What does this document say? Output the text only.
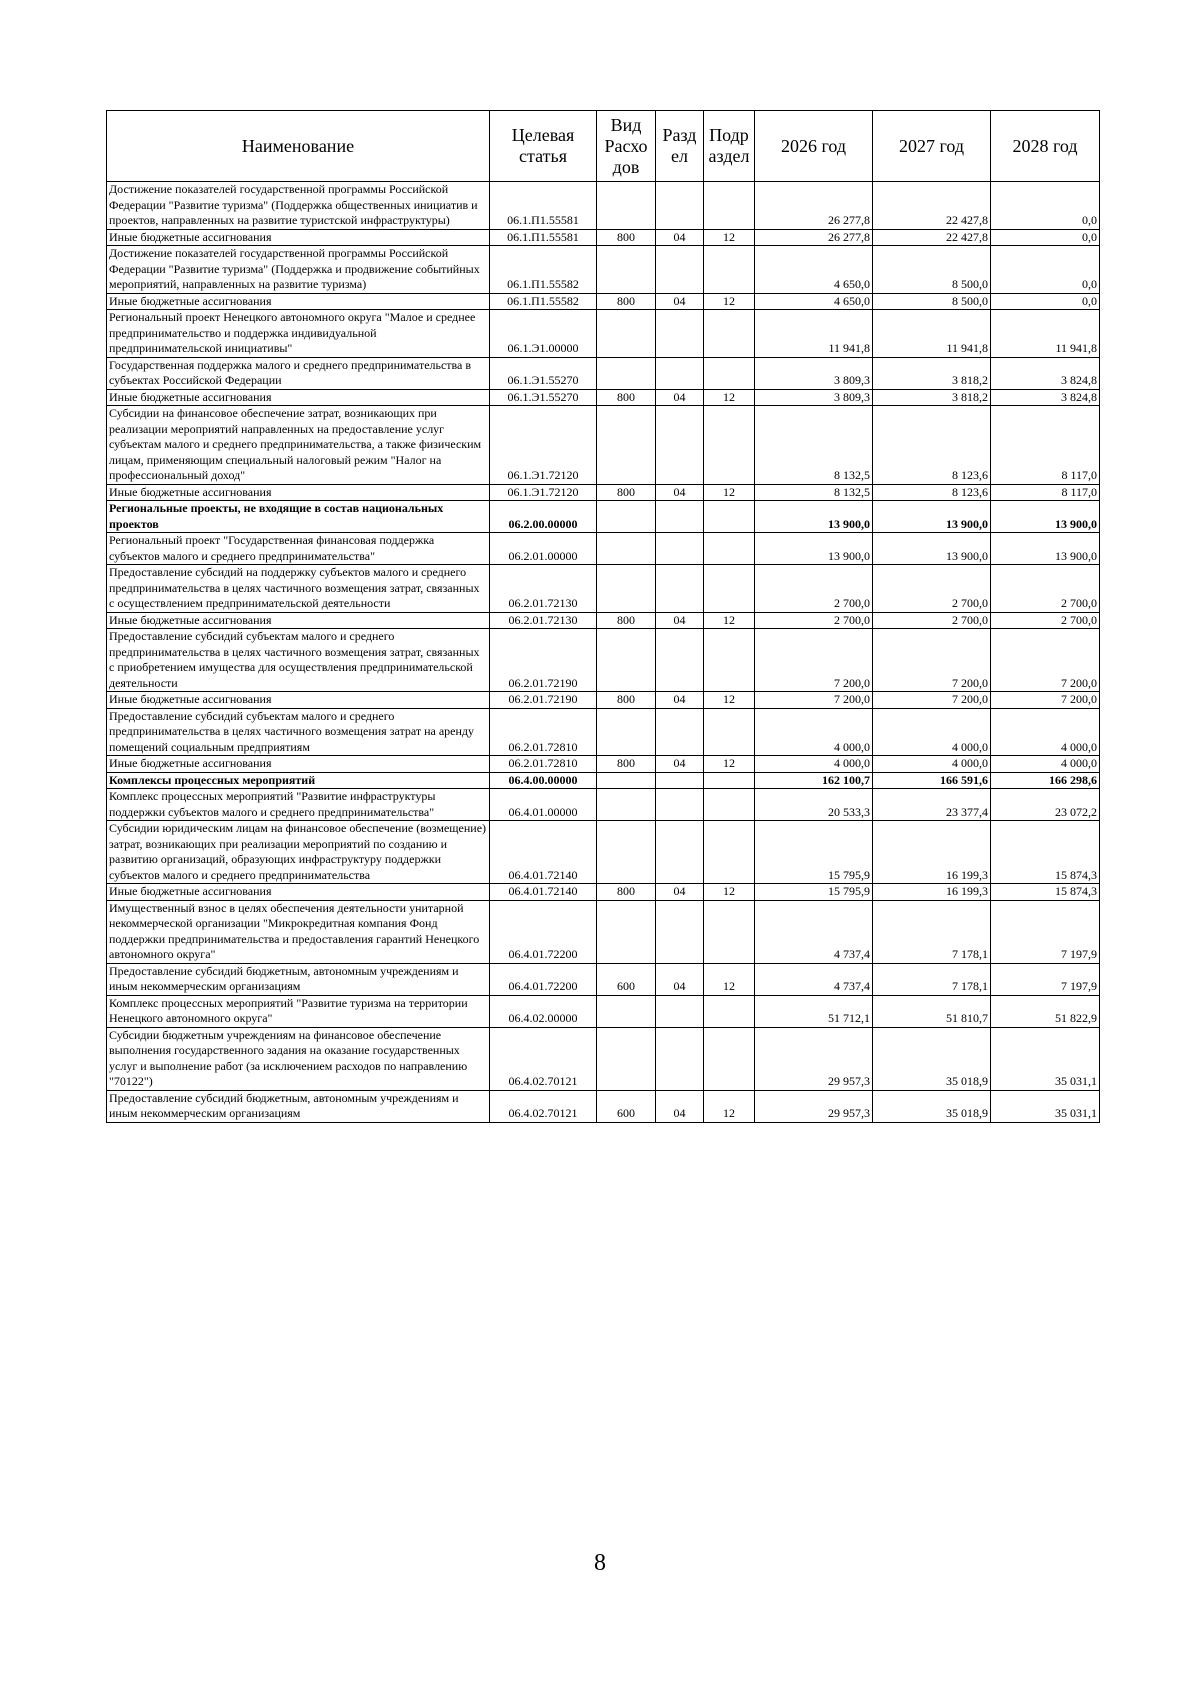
Наименование	Целевая статья	Вид Расхо дов	Разд ел	Подр аздел	2026 год	2027 год	2028 год
Достижение показателей государственной программы Российской Федерации "Развитие туризма" (Поддержка общественных инициатив и проектов, направленных на развитие туристской инфраструктуры)	06.1.П1.55581				26 277,8	22 427,8	0,0
Иные бюджетные ассигнования	06.1.П1.55581	800	04	12	26 277,8	22 427,8	0,0
Достижение показателей государственной программы Российской Федерации "Развитие туризма" (Поддержка и продвижение событийных мероприятий, направленных на развитие туризма)	06.1.П1.55582				4 650,0	8 500,0	0,0
Иные бюджетные ассигнования	06.1.П1.55582	800	04	12	4 650,0	8 500,0	0,0
Региональный проект Ненецкого автономного округа "Малое и среднее предпринимательство и поддержка индивидуальной предпринимательской инициативы"	06.1.Э1.00000				11 941,8	11 941,8	11 941,8
Государственная поддержка малого и среднего предпринимательства в субъектах Российской Федерации	06.1.Э1.55270				3 809,3	3 818,2	3 824,8
Иные бюджетные ассигнования	06.1.Э1.55270	800	04	12	3 809,3	3 818,2	3 824,8
Субсидии на финансовое обеспечение затрат, возникающих при реализации мероприятий направленных на предоставление услуг субъектам малого и среднего предпринимательства, а также физическим лицам, применяющим специальный налоговый режим "Налог на профессиональный доход"	06.1.Э1.72120				8 132,5	8 123,6	8 117,0
Иные бюджетные ассигнования	06.1.Э1.72120	800	04	12	8 132,5	8 123,6	8 117,0
Региональные проекты, не входящие в состав национальных проектов	06.2.00.00000				13 900,0	13 900,0	13 900,0
Региональный проект "Государственная финансовая поддержка субъектов малого и среднего предпринимательства"	06.2.01.00000				13 900,0	13 900,0	13 900,0
Предоставление субсидий на поддержку субъектов малого и среднего предпринимательства в целях частичного возмещения затрат, связанных с осуществлением предпринимательской деятельности	06.2.01.72130				2 700,0	2 700,0	2 700,0
Иные бюджетные ассигнования	06.2.01.72130	800	04	12	2 700,0	2 700,0	2 700,0
Предоставление субсидий субъектам малого и среднего предпринимательства в целях частичного возмещения затрат, связанных с приобретением имущества для осуществления предпринимательской деятельности	06.2.01.72190				7 200,0	7 200,0	7 200,0
Иные бюджетные ассигнования	06.2.01.72190	800	04	12	7 200,0	7 200,0	7 200,0
Предоставление субсидий субъектам малого и среднего предпринимательства в целях частичного возмещения затрат на аренду помещений социальным предприятиям	06.2.01.72810				4 000,0	4 000,0	4 000,0
Иные бюджетные ассигнования	06.2.01.72810	800	04	12	4 000,0	4 000,0	4 000,0
Комплексы процессных мероприятий	06.4.00.00000				162 100,7	166 591,6	166 298,6
Комплекс процессных мероприятий "Развитие инфраструктуры поддержки субъектов малого и среднего предпринимательства"	06.4.01.00000				20 533,3	23 377,4	23 072,2
Субсидии юридическим лицам на финансовое обеспечение (возмещение) затрат, возникающих при реализации мероприятий по созданию и развитию организаций, образующих инфраструктуру поддержки субъектов малого и среднего предпринимательства	06.4.01.72140				15 795,9	16 199,3	15 874,3
Иные бюджетные ассигнования	06.4.01.72140	800	04	12	15 795,9	16 199,3	15 874,3
Имущественный взнос в целях обеспечения деятельности унитарной некоммерческой организации "Микрокредитная компания Фонд поддержки предпринимательства и предоставления гарантий Ненецкого автономного округа"	06.4.01.72200				4 737,4	7 178,1	7 197,9
Предоставление субсидий бюджетным, автономным учреждениям и иным некоммерческим организациям	06.4.01.72200	600	04	12	4 737,4	7 178,1	7 197,9
Комплекс процессных мероприятий "Развитие туризма на территории Ненецкого автономного округа"	06.4.02.00000				51 712,1	51 810,7	51 822,9
Субсидии бюджетным учреждениям на финансовое обеспечение выполнения государственного задания на оказание государственных услуг и выполнение работ (за исключением расходов по направлению "70122")	06.4.02.70121				29 957,3	35 018,9	35 031,1
Предоставление субсидий бюджетным, автономным учреждениям и иным некоммерческим организациям	06.4.02.70121	600	04	12	29 957,3	35 018,9	35 031,1
8
